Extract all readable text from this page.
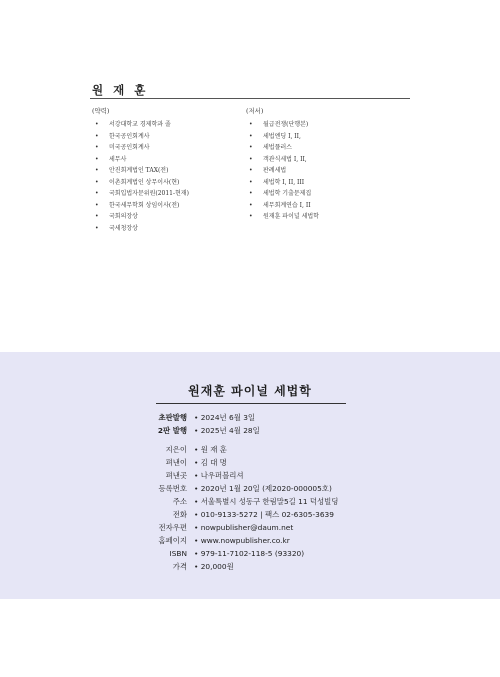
원 재 훈
(약력)
• 서강대학교 경제학과 졸
• 한국공인회계사
• 미국공인회계사
• 세무사
• 안진회계법인 TAX(전)
• 이촌회계법인 상무이사(현)
• 국회입법자문위원(2011-현재)
• 한국세무학회 상임이사(전)
• 국회의장상
• 국세청장상
(저서)
• 월급전쟁(단행본)
• 세법엔딩 I, II,
• 세법플러스
• 객관식세법 I, II,
• 판례세법
• 세법학 I, II, III
• 세법학 기출문제집
• 세무회계연습 I, II
• 원재훈 파이널 세법학
원재훈 파이널 세법학
초판발행 • 2024년 6월 3일
2판 발행 • 2025년 4월 28일
지은이 • 원 재 훈
펴낸이 • 김 대 명
펴낸곳 • 나우퍼블리셔
등록번호 • 2020년 1월 20일 (제2020-000005호)
주소 • 서울특별시 성동구 한림말5길 11 덕성빌딩
전화 • 010-9133-5272 | 팩스 02-6305-3639
전자우편 • nowpublisher@daum.net
홈페이지 • www.nowpublisher.co.kr
ISBN • 979-11-7102-118-5 (93320)
가격 • 20,000원
